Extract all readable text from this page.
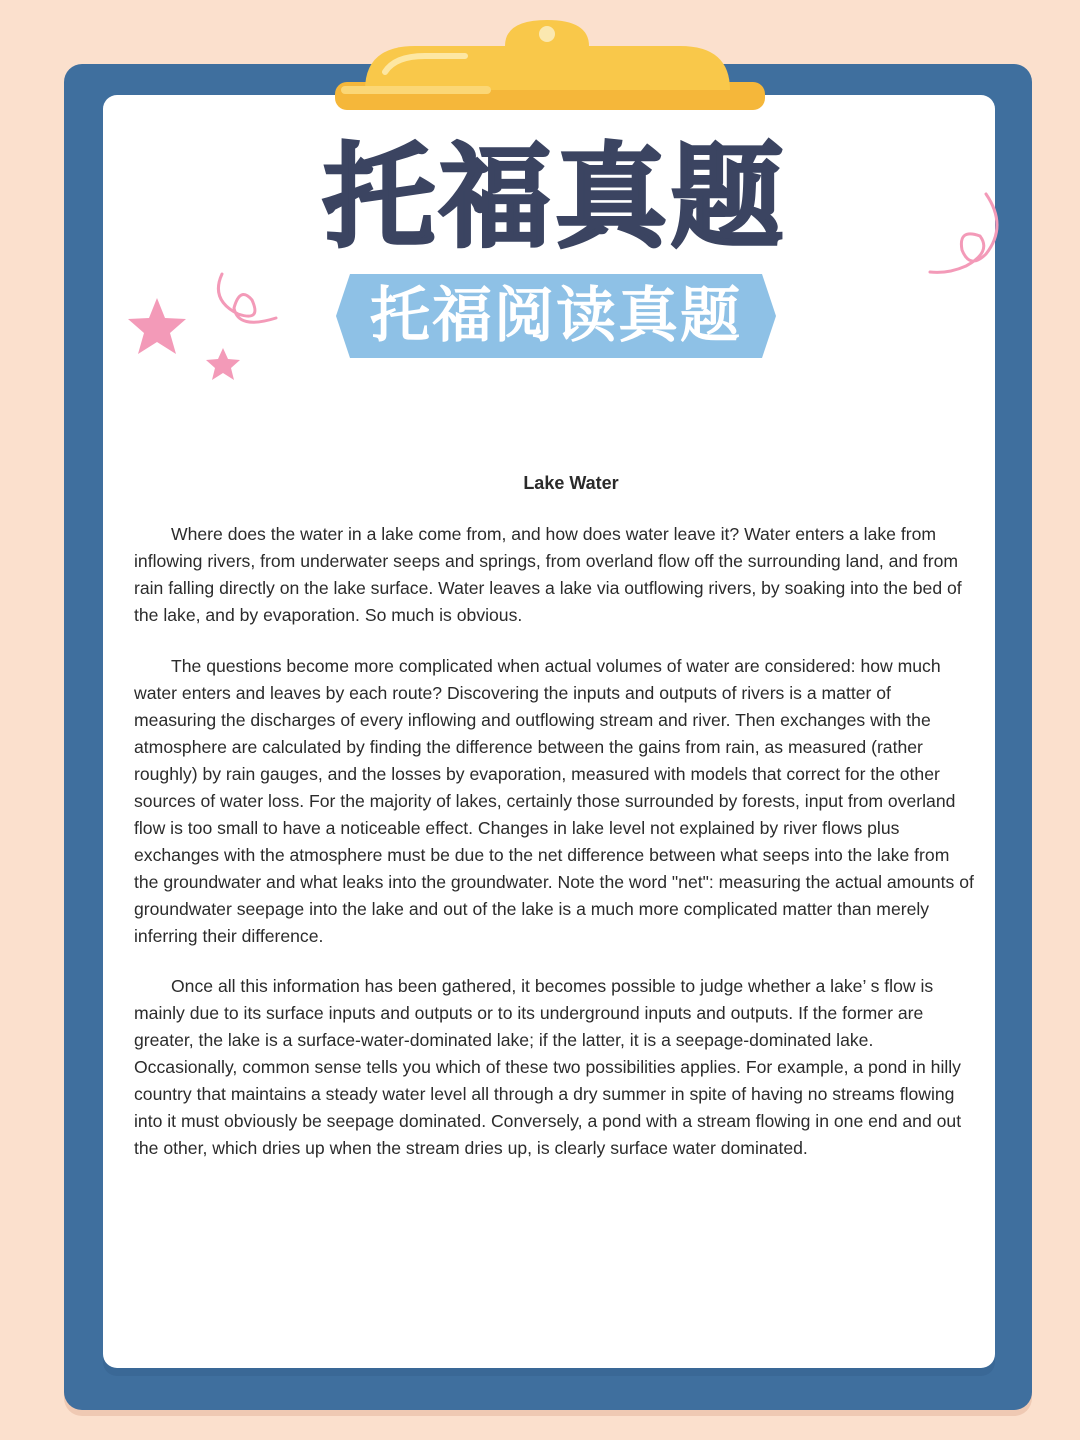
托福真题
托福阅读真题
Lake Water

Where does the water in a lake come from, and how does water leave it? Water enters a lake from inflowing rivers, from underwater seeps and springs, from overland flow off the surrounding land, and from rain falling directly on the lake surface. Water leaves a lake via outflowing rivers, by soaking into the bed of the lake, and by evaporation. So much is obvious.

The questions become more complicated when actual volumes of water are considered: how much water enters and leaves by each route? Discovering the inputs and outputs of rivers is a matter of measuring the discharges of every inflowing and outflowing stream and river. Then exchanges with the atmosphere are calculated by finding the difference between the gains from rain, as measured (rather roughly) by rain gauges, and the losses by evaporation, measured with models that correct for the other sources of water loss. For the majority of lakes, certainly those surrounded by forests, input from overland flow is too small to have a noticeable effect. Changes in lake level not explained by river flows plus exchanges with the atmosphere must be due to the net difference between what seeps into the lake from the groundwater and what leaks into the groundwater. Note the word "net": measuring the actual amounts of groundwater seepage into the lake and out of the lake is a much more complicated matter than merely inferring their difference.

Once all this information has been gathered, it becomes possible to judge whether a lake’ s flow is mainly due to its surface inputs and outputs or to its underground inputs and outputs. If the former are greater, the lake is a surface-water-dominated lake; if the latter, it is a seepage-dominated lake. Occasionally, common sense tells you which of these two possibilities applies. For example, a pond in hilly country that maintains a steady water level all through a dry summer in spite of having no streams flowing into it must obviously be seepage dominated. Conversely, a pond with a stream flowing in one end and out the other, which dries up when the stream dries up, is clearly surface water dominated.
